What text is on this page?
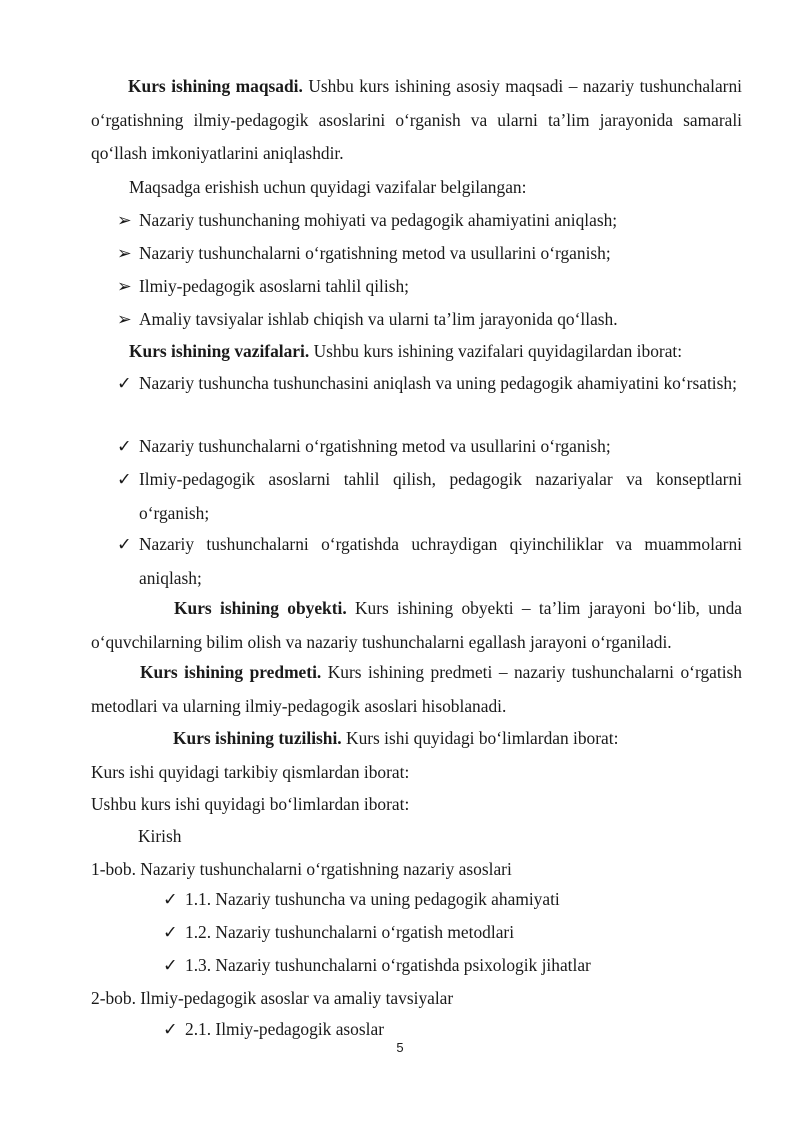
Kurs ishining maqsadi. Ushbu kurs ishining asosiy maqsadi – nazariy tushunchalarni o‘rgatishning ilmiy-pedagogik asoslarini o‘rganish va ularni ta’lim jarayonida samarali qo‘llash imkoniyatlarini aniqlashdir.
Maqsadga erishish uchun quyidagi vazifalar belgilangan:
➢ Nazariy tushunchaning mohiyati va pedagogik ahamiyatini aniqlash;
➢ Nazariy tushunchalarni o‘rgatishning metod va usullarini o‘rganish;
➢ Ilmiy-pedagogik asoslarni tahlil qilish;
➢ Amaliy tavsiyalar ishlab chiqish va ularni ta’lim jarayonida qo‘llash.
Kurs ishining vazifalari. Ushbu kurs ishining vazifalari quyidagilardan iborat:
✓ Nazariy tushuncha tushunchasini aniqlash va uning pedagogik ahamiyatini ko‘rsatish;
✓ Nazariy tushunchalarni o‘rgatishning metod va usullarini o‘rganish;
✓ Ilmiy-pedagogik asoslarni tahlil qilish, pedagogik nazariyalar va konseptlarni o‘rganish;
✓ Nazariy tushunchalarni o‘rgatishda uchraydigan qiyinchiliklar va muammolarni aniqlash;
Kurs ishining obyekti. Kurs ishining obyekti – ta’lim jarayoni bo‘lib, unda o‘quvchilarning bilim olish va nazariy tushunchalarni egallash jarayoni o‘rganiladi.
Kurs ishining predmeti. Kurs ishining predmeti – nazariy tushunchalarni o‘rgatish metodlari va ularning ilmiy-pedagogik asoslari hisoblanadi.
Kurs ishining tuzilishi. Kurs ishi quyidagi bo‘limlardan iborat:
Kurs ishi quyidagi tarkibiy qismlardan iborat:
Ushbu kurs ishi quyidagi bo‘limlardan iborat:
Kirish
1-bob. Nazariy tushunchalarni o‘rgatishning nazariy asoslari
✓ 1.1. Nazariy tushuncha va uning pedagogik ahamiyati
✓ 1.2. Nazariy tushunchalarni o‘rgatish metodlari
✓ 1.3. Nazariy tushunchalarni o‘rgatishda psixologik jihatlar
2-bob. Ilmiy-pedagogik asoslar va amaliy tavsiyalar
✓ 2.1. Ilmiy-pedagogik asoslar
5
